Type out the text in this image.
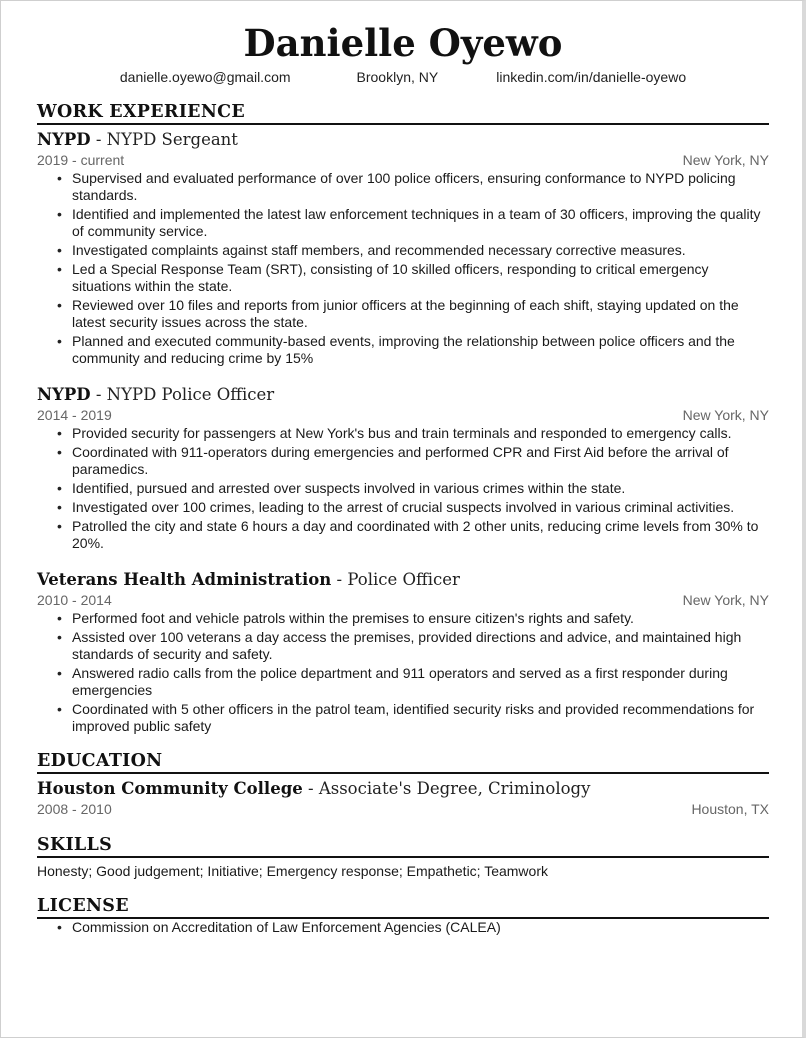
Danielle Oyewo
danielle.oyewo@gmail.com	Brooklyn, NY	linkedin.com/in/danielle-oyewo
WORK EXPERIENCE
NYPD - NYPD Sergeant
2019 - current	New York, NY
• Supervised and evaluated performance of over 100 police officers, ensuring conformance to NYPD policing standards.
• Identified and implemented the latest law enforcement techniques in a team of 30 officers, improving the quality of community service.
• Investigated complaints against staff members, and recommended necessary corrective measures.
• Led a Special Response Team (SRT), consisting of 10 skilled officers, responding to critical emergency situations within the state.
• Reviewed over 10 files and reports from junior officers at the beginning of each shift, staying updated on the latest security issues across the state.
• Planned and executed community-based events, improving the relationship between police officers and the community and reducing crime by 15%
NYPD - NYPD Police Officer
2014 - 2019	New York, NY
• Provided security for passengers at New York's bus and train terminals and responded to emergency calls.
• Coordinated with 911-operators during emergencies and performed CPR and First Aid before the arrival of paramedics.
• Identified, pursued and arrested over suspects involved in various crimes within the state.
• Investigated over 100 crimes, leading to the arrest of crucial suspects involved in various criminal activities.
• Patrolled the city and state 6 hours a day and coordinated with 2 other units, reducing crime levels from 30% to 20%.
Veterans Health Administration - Police Officer
2010 - 2014	New York, NY
• Performed foot and vehicle patrols within the premises to ensure citizen's rights and safety.
• Assisted over 100 veterans a day access the premises, provided directions and advice, and maintained high standards of security and safety.
• Answered radio calls from the police department and 911 operators and served as a first responder during emergencies
• Coordinated with 5 other officers in the patrol team, identified security risks and provided recommendations for improved public safety
EDUCATION
Houston Community College - Associate's Degree, Criminology
2008 - 2010	Houston, TX
SKILLS
Honesty; Good judgement; Initiative; Emergency response; Empathetic; Teamwork
LICENSE
• Commission on Accreditation of Law Enforcement Agencies (CALEA)
